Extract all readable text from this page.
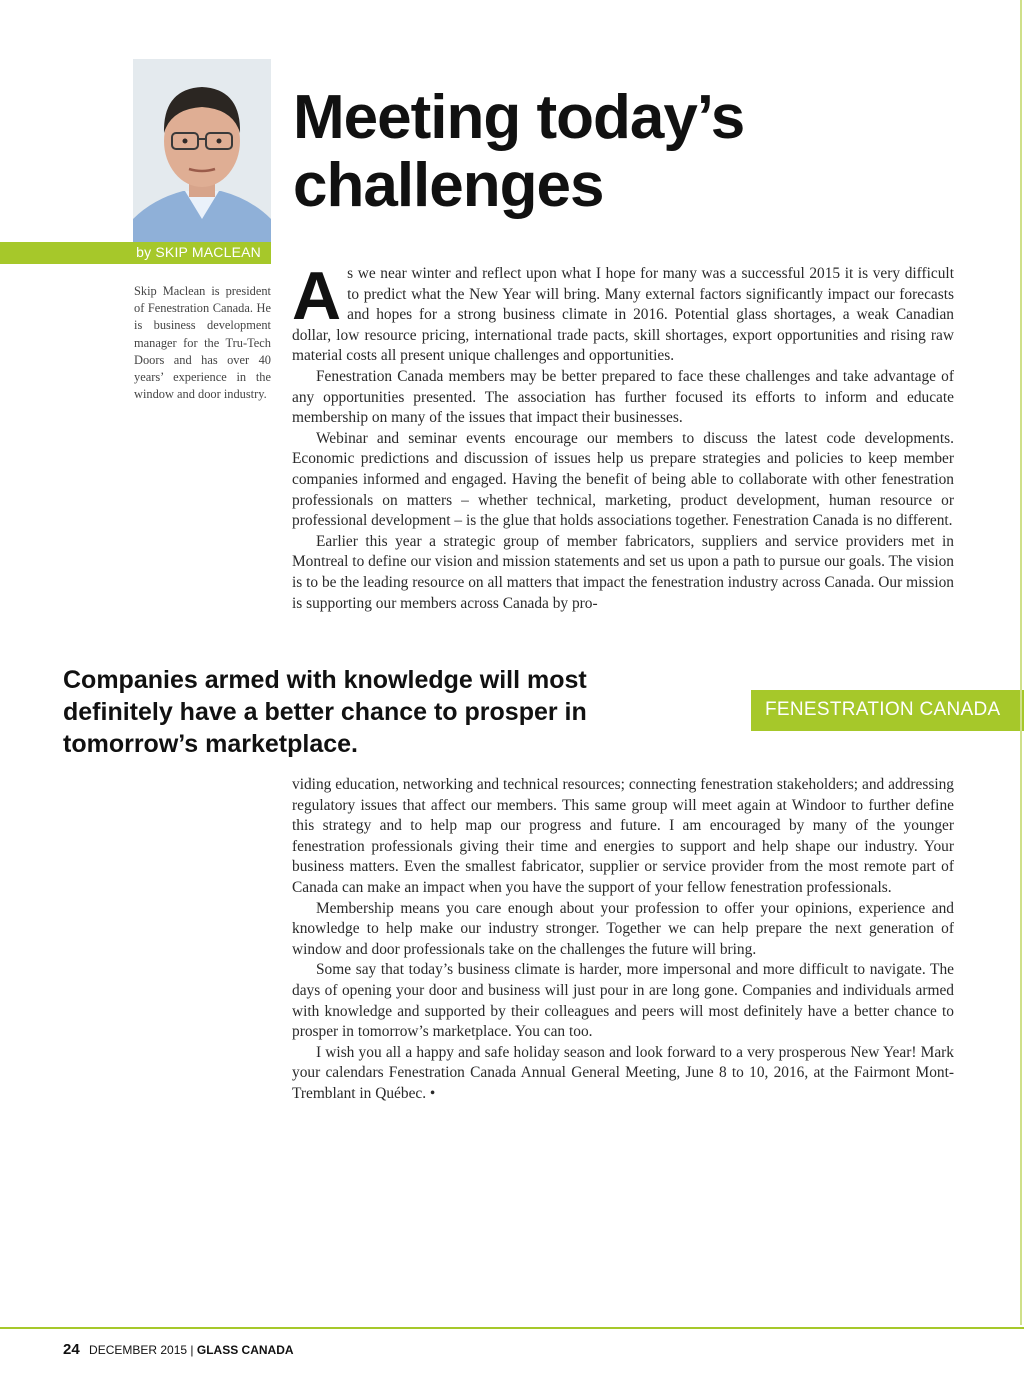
by SKIP MACLEAN

Skip Maclean is president of Fenestration Canada. He is business development manager for the Tru-Tech Doors and has over 40 years’ experience in the window and door industry.

Meeting today’s
challenges

As we near winter and reflect upon what I hope for many was a successful 2015 it is very difficult to predict what the New Year will bring. Many external factors significantly impact our forecasts and hopes for a strong business climate in 2016. Potential glass shortages, a weak Canadian dollar, low resource pricing, international trade pacts, skill shortages, export opportunities and rising raw material costs all present unique challenges and opportunities.

Fenestration Canada members may be better prepared to face these challenges and take advantage of any opportunities presented. The association has further focused its efforts to inform and educate membership on many of the issues that impact their businesses.

Webinar and seminar events encourage our members to discuss the latest code developments. Economic predictions and discussion of issues help us prepare strategies and policies to keep member companies informed and engaged. Having the benefit of being able to collaborate with other fenestration professionals on matters – whether technical, marketing, product development, human resource or professional development – is the glue that holds associations together. Fenestration Canada is no different.

Earlier this year a strategic group of member fabricators, suppliers and service providers met in Montreal to define our vision and mission statements and set us upon a path to pursue our goals. The vision is to be the leading resource on all matters that impact the fenestration industry across Canada. Our mission is supporting our members across Canada by pro-

Companies armed with knowledge will most
definitely have a better chance to prosper in
tomorrow’s marketplace.
FENESTRATION CANADA

viding education, networking and technical resources; connecting fenestration stakeholders; and addressing regulatory issues that affect our members. This same group will meet again at Windoor to further define this strategy and to help map our progress and future. I am encouraged by many of the younger fenestration professionals giving their time and energies to support and help shape our industry. Your business matters. Even the smallest fabricator, supplier or service provider from the most remote part of Canada can make an impact when you have the support of your fellow fenestration professionals.

Membership means you care enough about your profession to offer your opinions, experience and knowledge to help make our industry stronger. Together we can help prepare the next generation of window and door professionals take on the challenges the future will bring.

Some say that today’s business climate is harder, more impersonal and more difficult to navigate. The days of opening your door and business will just pour in are long gone. Companies and individuals armed with knowledge and supported by their colleagues and peers will most definitely have a better chance to prosper in tomorrow’s marketplace. You can too.

I wish you all a happy and safe holiday season and look forward to a very prosperous New Year! Mark your calendars Fenestration Canada Annual General Meeting, June 8 to 10, 2016, at the Fairmont Mont-Tremblant in Québec. •

24 DECEMBER 2015 | GLASS CANADA
